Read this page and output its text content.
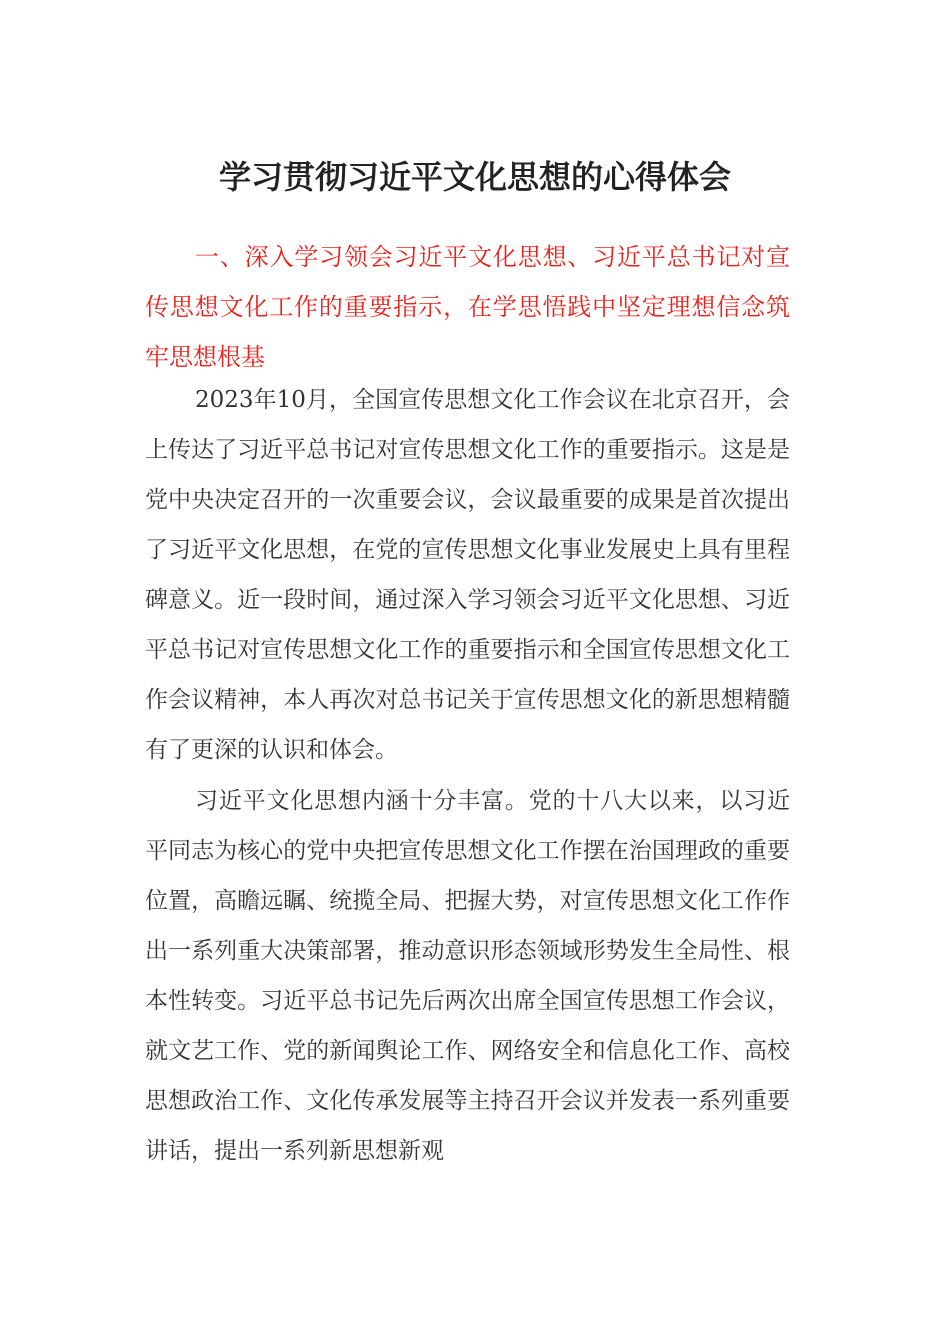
学习贯彻习近平文化思想的心得体会

一、深入学习领会习近平文化思想、习近平总书记对宣传思想文化工作的重要指示，在学思悟践中坚定理想信念筑牢思想根基

2023年10月，全国宣传思想文化工作会议在北京召开，会上传达了习近平总书记对宣传思想文化工作的重要指示。这是是党中央决定召开的一次重要会议，会议最重要的成果是首次提出了习近平文化思想，在党的宣传思想文化事业发展史上具有里程碑意义。近一段时间，通过深入学习领会习近平文化思想、习近平总书记对宣传思想文化工作的重要指示和全国宣传思想文化工作会议精神，本人再次对总书记关于宣传思想文化的新思想精髓有了更深的认识和体会。

习近平文化思想内涵十分丰富。党的十八大以来，以习近平同志为核心的党中央把宣传思想文化工作摆在治国理政的重要位置，高瞻远瞩、统揽全局、把握大势，对宣传思想文化工作作出一系列重大决策部署，推动意识形态领域形势发生全局性、根本性转变。习近平总书记先后两次出席全国宣传思想工作会议，就文艺工作、党的新闻舆论工作、网络安全和信息化工作、高校思想政治工作、文化传承发展等主持召开会议并发表一系列重要讲话，提出一系列新思想新观
